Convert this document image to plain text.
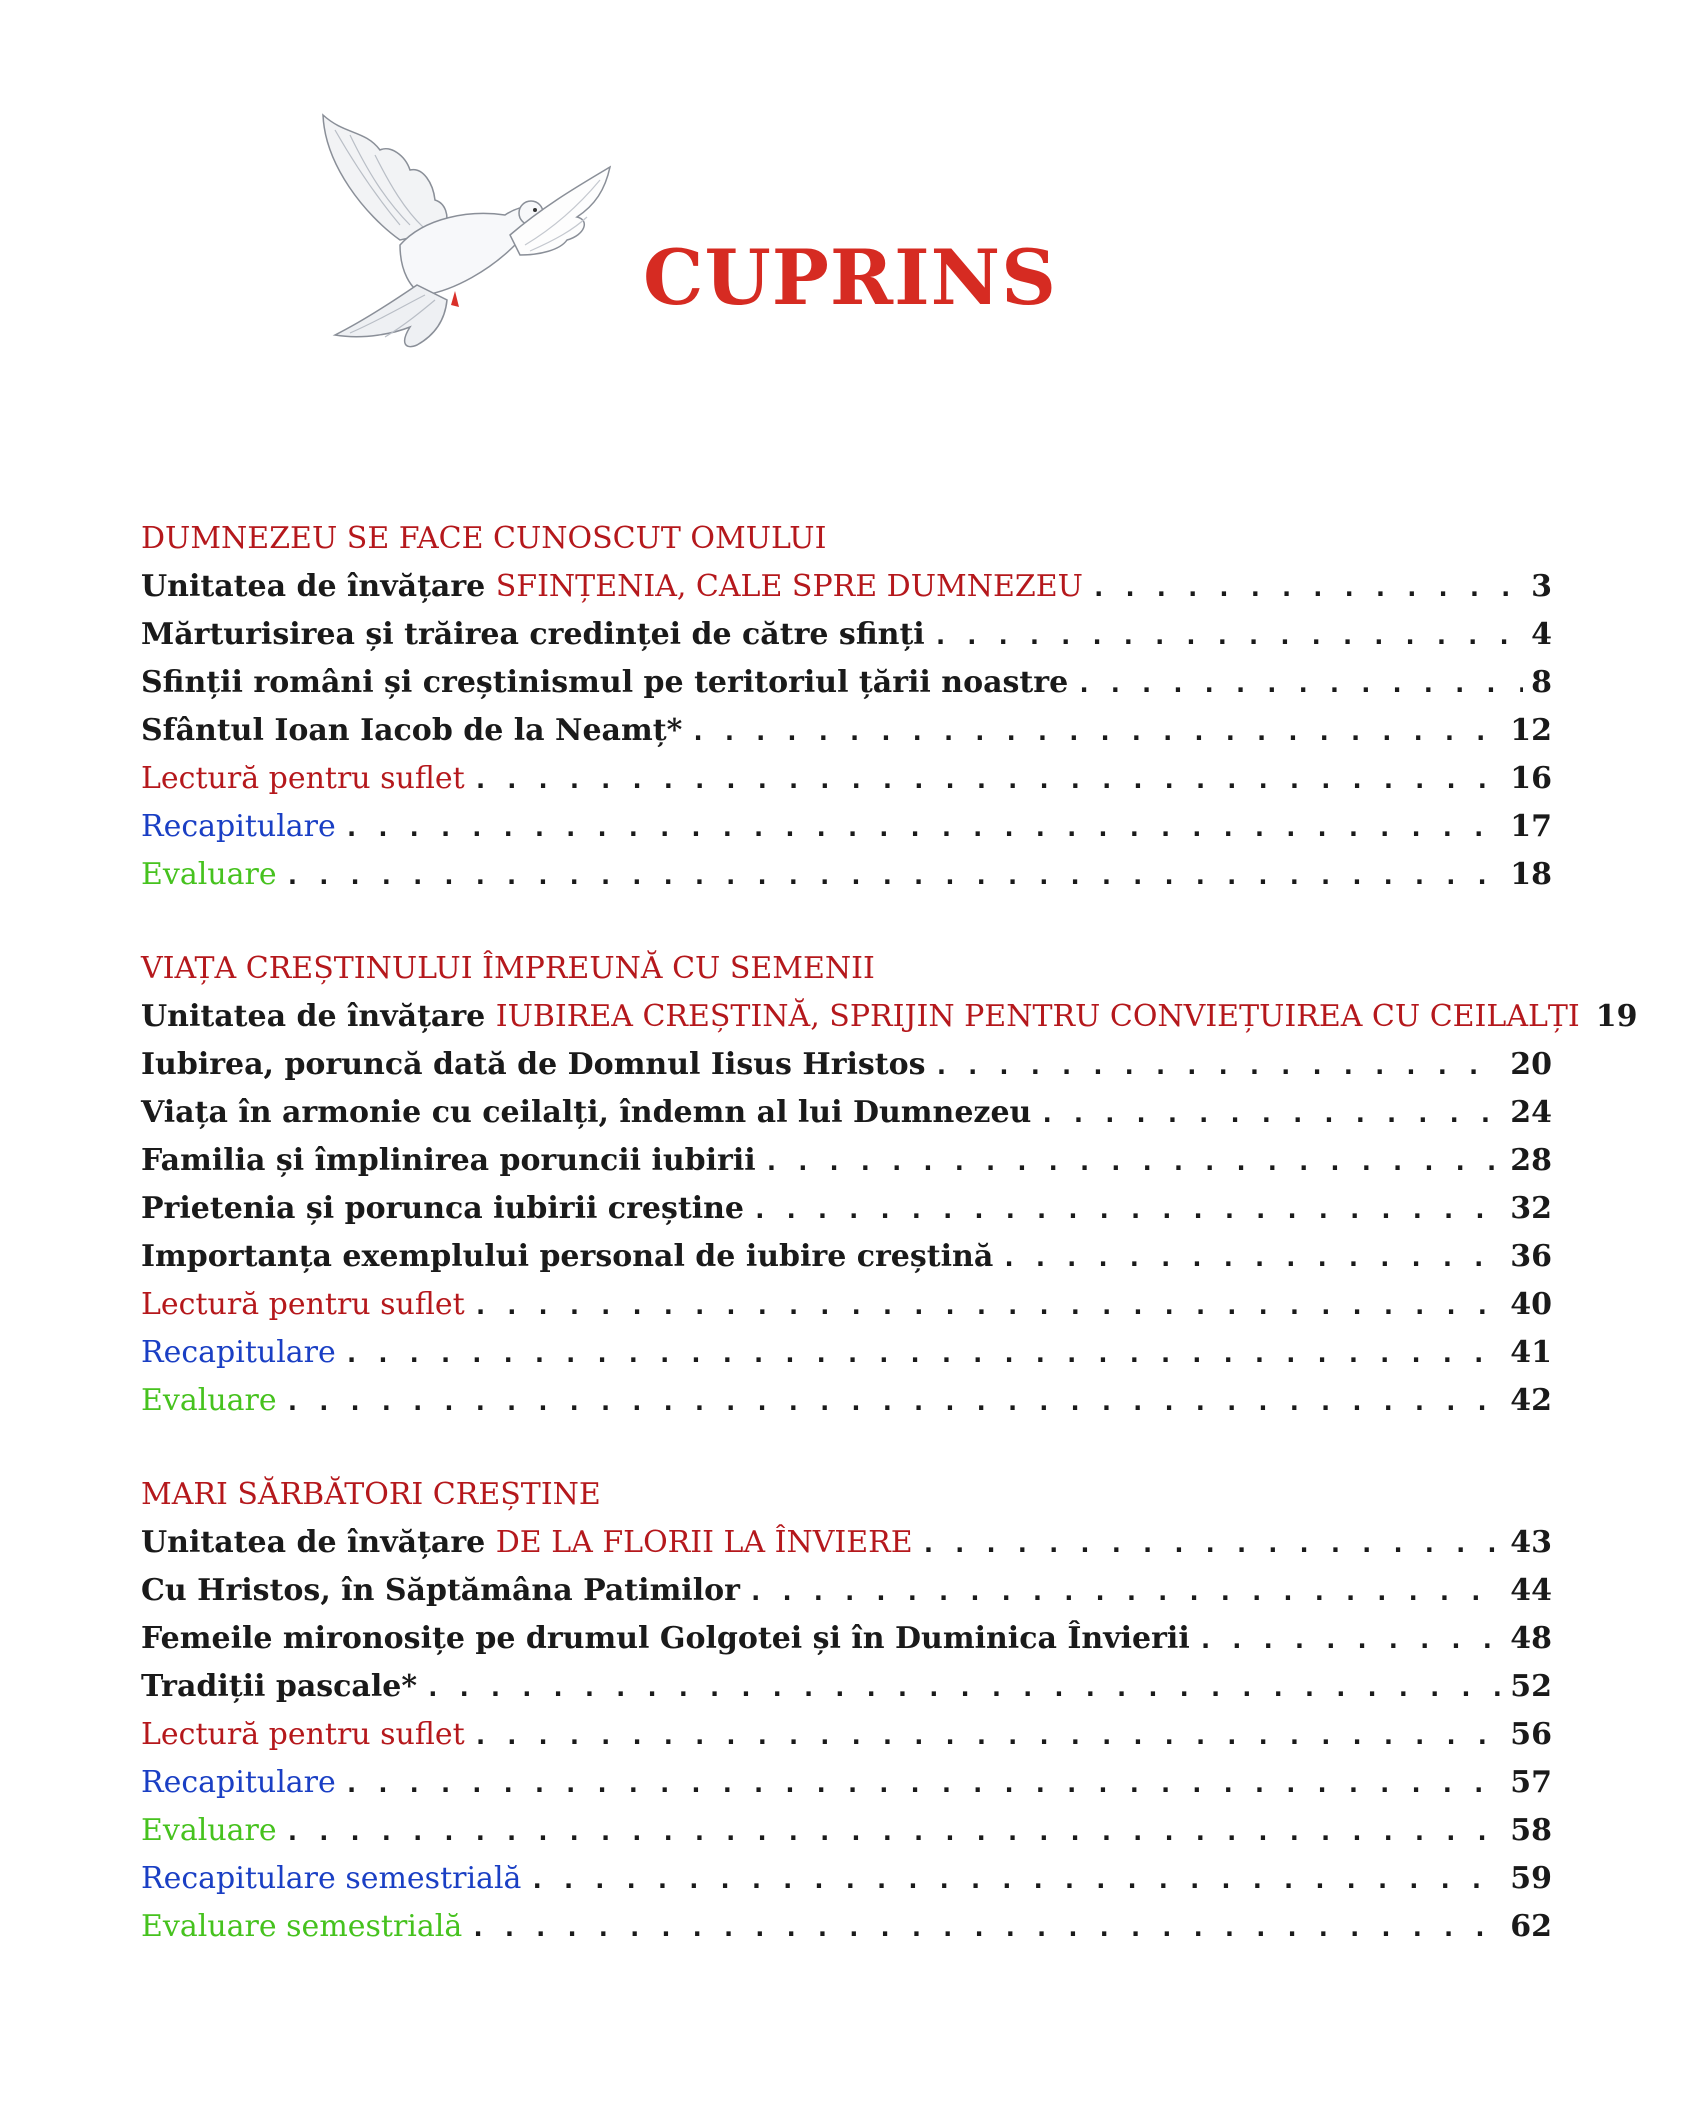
CUPRINS
DUMNEZEU SE FACE CUNOSCUT OMULUI
Unitatea de învățare SFINȚENIA, CALE SPRE DUMNEZEU . . .	3
Mărturisirea și trăirea credinței de către sfinți . . .	4
Sfinții români și creștinismul pe teritoriul țării noastre . . .	8
Sfântul Ioan Iacob de la Neamț* . . .	12
Lectură pentru suflet . . .	16
Recapitulare . . .	17
Evaluare . . .	18
VIAȚA CREȘTINULUI ÎMPREUNĂ CU SEMENII
Unitatea de învățare IUBIREA CREȘTINĂ, SPRIJIN PENTRU CONVIEȚUIREA CU CEILALȚI 19
Iubirea, poruncă dată de Domnul Iisus Hristos . . .	20
Viața în armonie cu ceilalți, îndemn al lui Dumnezeu . . .	24
Familia și împlinirea poruncii iubirii . . .	28
Prietenia și porunca iubirii creștine . . .	32
Importanța exemplului personal de iubire creștină . . .	36
Lectură pentru suflet . . .	40
Recapitulare . . .	41
Evaluare . . .	42
MARI SĂRBĂTORI CREȘTINE
Unitatea de învățare DE LA FLORII LA ÎNVIERE . . .	43
Cu Hristos, în Săptămâna Patimilor . . .	44
Femeile mironosițe pe drumul Golgotei și în Duminica Învierii . . .	48
Tradiții pascale* . . .	52
Lectură pentru suflet . . .	56
Recapitulare . . .	57
Evaluare . . .	58
Recapitulare semestrială . . .	59
Evaluare semestrială . . .	62
